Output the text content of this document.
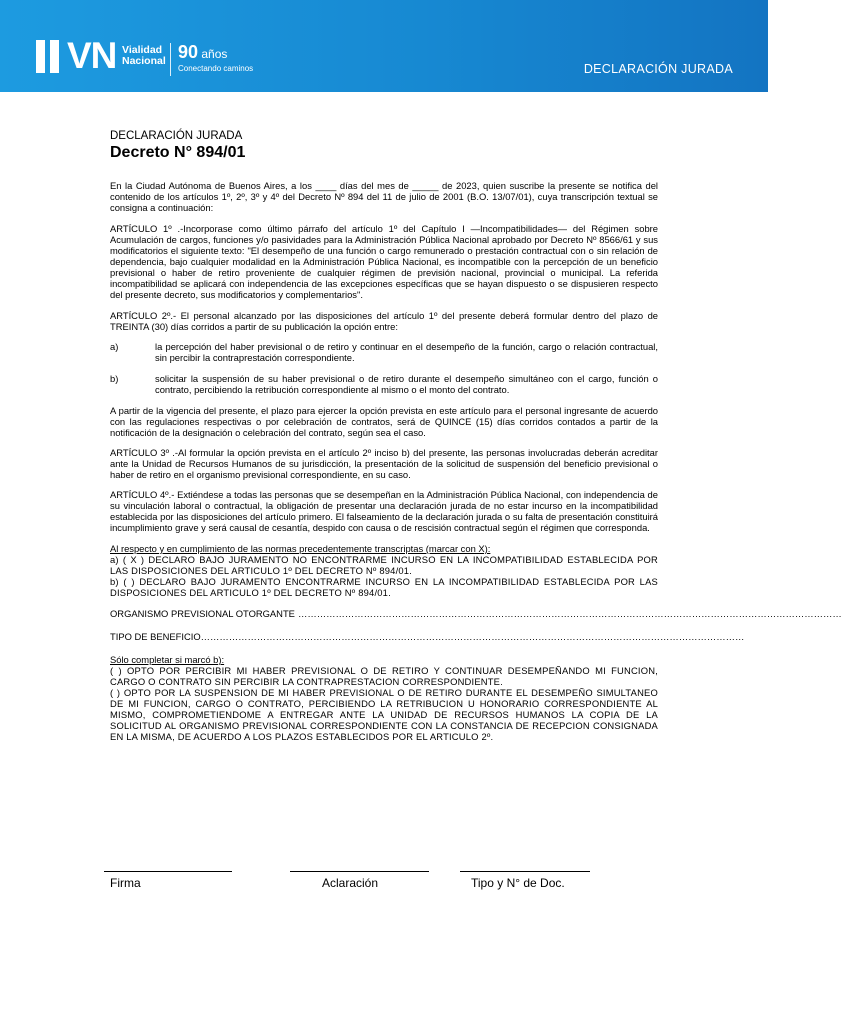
VN Vialidad
Nacional 90 años
Conectando caminos	DECLARACIÓN JURADA
DECLARACIÓN JURADA
Decreto N° 894/01

En la Ciudad Autónoma de Buenos Aires, a los ____ días del mes de _____ de 2023, quien suscribe la presente se notifica del contenido de los artículos 1º, 2º, 3º y 4º del Decreto Nº 894 del 11 de julio de 2001 (B.O. 13/07/01), cuya transcripción textual se consigna a continuación:

ARTÍCULO 1º .-Incorporase como último párrafo del artículo 1º del Capítulo I —Incompatibilidades— del Régimen sobre Acumulación de cargos, funciones y/o pasividades para la Administración Pública Nacional aprobado por Decreto Nº 8566/61 y sus modificatorios el siguiente texto: "El desempeño de una función o cargo remunerado o prestación contractual con o sin relación de dependencia, bajo cualquier modalidad en la Administración Pública Nacional, es incompatible con la percepción de un beneficio previsional o haber de retiro proveniente de cualquier régimen de previsión nacional, provincial o municipal. La referida incompatibilidad se aplicará con independencia de las excepciones específicas que se hayan dispuesto o se dispusieren respecto del presente decreto, sus modificatorios y complementarios".

ARTÍCULO 2º.- El personal alcanzado por las disposiciones del artículo 1º del presente deberá formular dentro del plazo de TREINTA (30) días corridos a partir de su publicación la opción entre:

a)	la percepción del haber previsional o de retiro y continuar en el desempeño de la función, cargo o relación contractual, sin percibir la contraprestación correspondiente.
b)	solicitar la suspensión de su haber previsional o de retiro durante el desempeño simultáneo con el cargo, función o contrato, percibiendo la retribución correspondiente al mismo o el monto del contrato.

A partir de la vigencia del presente, el plazo para ejercer la opción prevista en este artículo para el personal ingresante de acuerdo con las regulaciones respectivas o por celebración de contratos, será de QUINCE (15) días corridos contados a partir de la notificación de la designación o celebración del contrato, según sea el caso.

ARTÍCULO 3º .-Al formular la opción prevista en el artículo 2º inciso b) del presente, las personas involucradas deberán acreditar ante la Unidad de Recursos Humanos de su jurisdicción, la presentación de la solicitud de suspensión del beneficio previsional o haber de retiro en el organismo previsional correspondiente, en su caso.

ARTÍCULO 4º.- Extiéndese a todas las personas que se desempeñan en la Administración Pública Nacional, con independencia de su vinculación laboral o contractual, la obligación de presentar una declaración jurada de no estar incurso en la incompatibilidad establecida por las disposiciones del artículo primero. El falseamiento de la declaración jurada o su falta de presentación constituirá incumplimiento grave y será causal de cesantía, despido con causa o de rescisión contractual según el régimen que corresponda.

Al respecto y en cumplimiento de las normas precedentemente transcriptas (marcar con X):

a) ( X ) DECLARO BAJO JURAMENTO NO ENCONTRARME INCURSO EN LA INCOMPATIBILIDAD ESTABLECIDA POR LAS DISPOSICIONES DEL ARTICULO 1º DEL DECRETO Nº 894/01.

b) ( ) DECLARO BAJO JURAMENTO ENCONTRARME INCURSO EN LA INCOMPATIBILIDAD ESTABLECIDA POR LAS DISPOSICIONES DEL ARTICULO 1º DEL DECRETO Nº 894/01.

ORGANISMO PREVISIONAL OTORGANTE …………………………………………………………………………………………………………………………………………………………
TIPO DE BENEFICIO …………………………………………………………………………………………………………………………………………………………

Sólo completar si marcó b):

( ) OPTO POR PERCIBIR MI HABER PREVISIONAL O DE RETIRO Y CONTINUAR DESEMPEÑANDO MI FUNCION, CARGO O CONTRATO SIN PERCIBIR LA CONTRAPRESTACION CORRESPONDIENTE.

( ) OPTO POR LA SUSPENSION DE MI HABER PREVISIONAL O DE RETIRO DURANTE EL DESEMPEÑO SIMULTANEO DE MI FUNCION, CARGO O CONTRATO, PERCIBIENDO LA RETRIBUCION U HONORARIO CORRESPONDIENTE AL MISMO, COMPROMETIENDOME A ENTREGAR ANTE LA UNIDAD DE RECURSOS HUMANOS LA COPIA DE LA SOLICITUD AL ORGANISMO PREVISIONAL CORRESPONDIENTE CON LA CONSTANCIA DE RECEPCION CONSIGNADA EN LA MISMA, DE ACUERDO A LOS PLAZOS ESTABLECIDOS POR EL ARTICULO 2º.

Firma	Aclaración	Tipo y N° de Doc.
